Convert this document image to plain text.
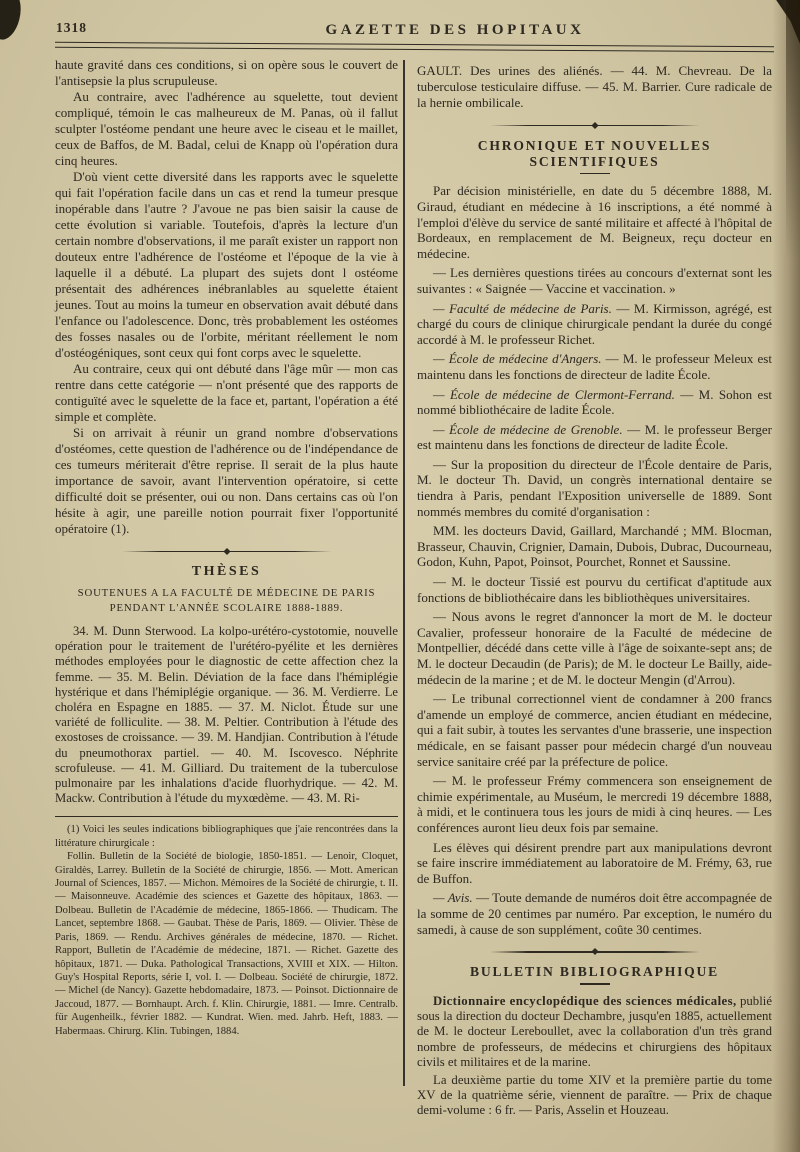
1318	GAZETTE DES HOPITAUX

haute gravité dans ces conditions, si on opère sous le couvert de l'antisepsie la plus scrupuleuse.

Au contraire, avec l'adhérence au squelette, tout devient compliqué, témoin le cas malheureux de M. Panas, où il fallut sculpter l'ostéome pendant une heure avec le ciseau et le maillet, ceux de Baffos, de M. Badal, celui de Knapp où l'opération dura cinq heures.

D'où vient cette diversité dans les rapports avec le squelette qui fait l'opération facile dans un cas et rend la tumeur presque inopérable dans l'autre ? J'avoue ne pas bien saisir la cause de cette évolution si variable. Toutefois, d'après la lecture d'un certain nombre d'observations, il me paraît exister un rapport non douteux entre l'adhérence de l'ostéome et l'époque de la vie à laquelle il a débuté. La plupart des sujets dont l ostéome présentait des adhérences inébranlables au squelette étaient jeunes. Tout au moins la tumeur en observation avait débuté dans l'enfance ou l'adolescence. Donc, très probablement les ostéomes des fosses nasales ou de l'orbite, méritant réellement le nom d'ostéogéniques, sont ceux qui font corps avec le squelette.

Au contraire, ceux qui ont débuté dans l'âge mûr — mon cas rentre dans cette catégorie — n'ont présenté que des rapports de contiguïté avec le squelette de la face et, partant, l'opération a été simple et complète.

Si on arrivait à réunir un grand nombre d'observations d'ostéomes, cette question de l'adhérence ou de l'indépendance de ces tumeurs mériterait d'être reprise. Il serait de la plus haute importance de savoir, avant l'intervention opératoire, si cette difficulté doit se présenter, oui ou non. Dans certains cas où l'on hésite à agir, une pareille notion pourrait fixer l'opportunité opératoire (1).

THÈSES

SOUTENUES A LA FACULTÉ DE MÉDECINE DE PARIS

PENDANT L'ANNÉE SCOLAIRE 1888-1889.

34. M. Dunn Sterwood. La kolpo-urétéro-cystotomie, nouvelle opération pour le traitement de l'urétéro-pyélite et les dernières méthodes employées pour le diagnostic de cette affection chez la femme. — 35. M. Belin. Déviation de la face dans l'hémiplégie hystérique et dans l'hémiplégie organique. — 36. M. Verdierre. Le choléra en Espagne en 1885. — 37. M. Niclot. Étude sur une variété de folliculite. — 38. M. Peltier. Contribution à l'étude des exostoses de croissance. — 39. M. Handjian. Contribution à l'étude du pneumothorax partiel. — 40. M. Iscovesco. Néphrite scrofuleuse. — 41. M. Gilliard. Du traitement de la tuberculose pulmonaire par les inhalations d'acide fluorhydrique. — 42. M. Mackw. Contribution à l'étude du myxœdème. — 43. M. Ri-

(1) Voici les seules indications bibliographiques que j'aie rencontrées dans la littérature chirurgicale :

Follin. Bulletin de la Société de biologie, 1850-1851. — Lenoir, Cloquet, Giraldès, Larrey. Bulletin de la Société de chirurgie, 1856. — Mott. American Journal of Sciences, 1857. — Michon. Mémoires de la Société de chirurgie, t. II. — Maisonneuve. Académie des sciences et Gazette des hôpitaux, 1863. — Dolbeau. Bulletin de l'Académie de médecine, 1865-1866. — Thudicam. The Lancet, septembre 1868. — Gaubat. Thèse de Paris, 1869. — Olivier. Thèse de Paris, 1869. — Rendu. Archives générales de médecine, 1870. — Richet. Rapport, Bulletin de l'Académie de médecine, 1871. — Richet. Gazette des hôpitaux, 1871. — Duka. Pathological Transactions, XVIII et XIX. — Hilton. Guy's Hospital Reports, série I, vol. I. — Dolbeau. Société de chirurgie, 1872. — Michel (de Nancy). Gazette hebdomadaire, 1873. — Poinsot. Dictionnaire de Jaccoud, 1877. — Bornhaupt. Arch. f. Klin. Chirurgie, 1881. — Imre. Centralb. für Augenheilk., février 1882. — Kundrat. Wien. med. Jahrb. Heft, 1883. — Habermaas. Chirurg. Klin. Tubingen, 1884.

GAULT. Des urines des aliénés. — 44. M. Chevreau. De la tuberculose testiculaire diffuse. — 45. M. Barrier. Cure radicale de la hernie ombilicale.

CHRONIQUE ET NOUVELLES SCIENTIFIQUES

Par décision ministérielle, en date du 5 décembre 1888, M. Giraud, étudiant en médecine à 16 inscriptions, a été nommé à l'emploi d'élève du service de santé militaire et affecté à l'hôpital de Bordeaux, en remplacement de M. Beigneux, reçu docteur en médecine.

— Les dernières questions tirées au concours d'externat sont les suivantes : « Saignée — Vaccine et vaccination. »

— Faculté de médecine de Paris. — M. Kirmisson, agrégé, est chargé du cours de clinique chirurgicale pendant la durée du congé accordé à M. le professeur Richet.

— École de médecine d'Angers. — M. le professeur Meleux est maintenu dans les fonctions de directeur de ladite École.

— École de médecine de Clermont-Ferrand. — M. Sohon est nommé bibliothécaire de ladite École.

— École de médecine de Grenoble. — M. le professeur Berger est maintenu dans les fonctions de directeur de ladite École.

— Sur la proposition du directeur de l'École dentaire de Paris, M. le docteur Th. David, un congrès international dentaire se tiendra à Paris, pendant l'Exposition universelle de 1889. Sont nommés membres du comité d'organisation :

MM. les docteurs David, Gaillard, Marchandé ; MM. Blocman, Brasseur, Chauvin, Crignier, Damain, Dubois, Dubrac, Ducourneau, Godon, Kuhn, Papot, Poinsot, Pourchet, Ronnet et Saussine.

— M. le docteur Tissié est pourvu du certificat d'aptitude aux fonctions de bibliothécaire dans les bibliothèques universitaires.

— Nous avons le regret d'annoncer la mort de M. le docteur Cavalier, professeur honoraire de la Faculté de médecine de Montpellier, décédé dans cette ville à l'âge de soixante-sept ans; de M. le docteur Decaudin (de Paris); de M. le docteur Le Bailly, aide-médecin de la marine ; et de M. le docteur Mengin (d'Arrou).

— Le tribunal correctionnel vient de condamner à 200 francs d'amende un employé de commerce, ancien étudiant en médecine, qui a fait subir, à toutes les servantes d'une brasserie, une inspection médicale, en se faisant passer pour médecin chargé d'un nouveau service sanitaire créé par la préfecture de police.

— M. le professeur Frémy commencera son enseignement de chimie expérimentale, au Muséum, le mercredi 19 décembre 1888, à midi, et le continuera tous les jours de midi à cinq heures. — Les conférences auront lieu deux fois par semaine.

Les élèves qui désirent prendre part aux manipulations devront se faire inscrire immédiatement au laboratoire de M. Frémy, 63, rue de Buffon.

— Avis. — Toute demande de numéros doit être accompagnée de la somme de 20 centimes par numéro. Par exception, le numéro du samedi, à cause de son supplément, coûte 30 centimes.

BULLETIN BIBLIOGRAPHIQUE

Dictionnaire encyclopédique des sciences médicales, publié sous la direction du docteur Dechambre, jusqu'en 1885, actuellement de M. le docteur Lereboullet, avec la collaboration d'un très grand nombre de professeurs, de médecins et chirurgiens des hôpitaux civils et militaires et de la marine.

La deuxième partie du tome XIV et la première partie du tome XV de la quatrième série, viennent de paraître. — Prix de chaque demi-volume : 6 fr. — Paris, Asselin et Houzeau.
